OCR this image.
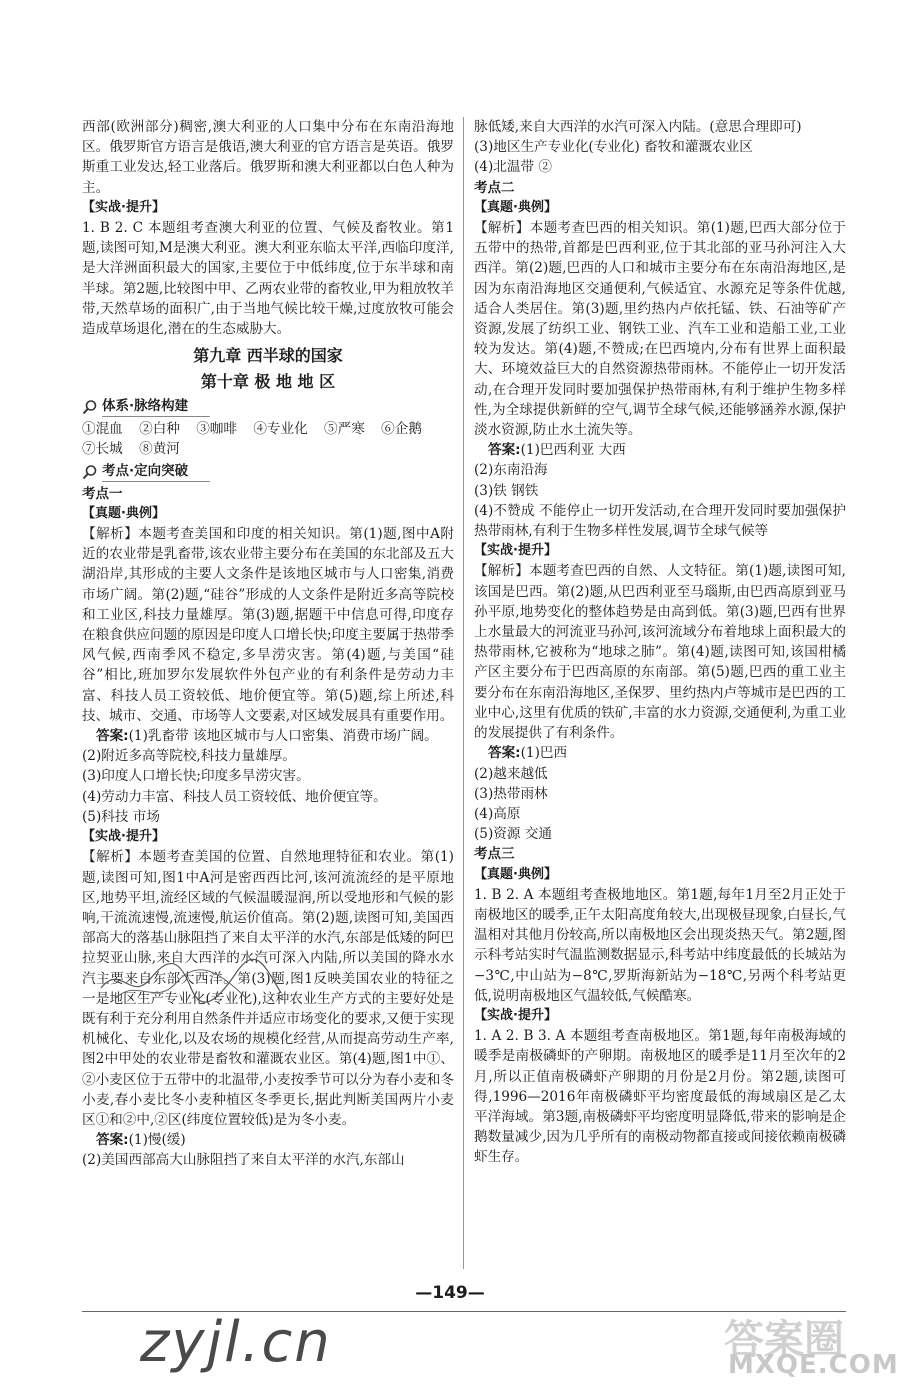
西部(欧洲部分)稠密,澳大利亚的人口集中分布在东南沿海地区。俄罗斯官方语言是俄语,澳大利亚的官方语言是英语。俄罗斯重工业发达,轻工业落后。俄罗斯和澳大利亚都以白色人种为主。

【实战·提升】

1. B 2. C 本题组考查澳大利亚的位置、气候及畜牧业。第1题,读图可知,M是澳大利亚。澳大利亚东临太平洋,西临印度洋,是大洋洲面积最大的国家,主要位于中低纬度,位于东半球和南半球。第2题,比较图中甲、乙两农业带的畜牧业,甲为粗放牧羊带,天然草场的面积广,由于当地气候比较干燥,过度放牧可能会造成草场退化,潜在的生态威胁大。

第九章 西半球的国家

第十章 极 地 地 区

体系·脉络构建
①混血 ②白种 ③咖啡 ④专业化 ⑤严寒 ⑥企鹅
⑦长城 ⑧黄河
考点·定向突破

考点一

【真题·典例】

【解析】本题考查美国和印度的相关知识。第(1)题,图中A附近的农业带是乳畜带,该农业带主要分布在美国的东北部及五大湖沿岸,其形成的主要人文条件是该地区城市与人口密集,消费市场广阔。第(2)题,“硅谷”形成的人文条件是附近多高等院校和工业区,科技力量雄厚。第(3)题,据题干中信息可得,印度存在粮食供应问题的原因是印度人口增长快;印度主要属于热带季风气候,西南季风不稳定,多旱涝灾害。第(4)题,与美国“硅谷”相比,班加罗尔发展软件外包产业的有利条件是劳动力丰富、科技人员工资较低、地价便宜等。第(5)题,综上所述,科技、城市、交通、市场等人文要素,对区域发展具有重要作用。

答案:(1)乳畜带 该地区城市与人口密集、消费市场广阔。

(2)附近多高等院校,科技力量雄厚。

(3)印度人口增长快;印度多旱涝灾害。

(4)劳动力丰富、科技人员工资较低、地价便宜等。

(5)科技 市场

【实战·提升】

【解析】本题考查美国的位置、自然地理特征和农业。第(1)题,读图可知,图1中A河是密西西比河,该河流流经的是平原地区,地势平坦,流经区域的气候温暖湿润,所以受地形和气候的影响,干流流速慢,流速慢,航运价值高。第(2)题,读图可知,美国西部高大的落基山脉阻挡了来自太平洋的水汽,东部是低矮的阿巴拉契亚山脉,来自大西洋的水汽可深入内陆,所以美国的降水水汽主要来自东部大西洋。第(3)题,图1反映美国农业的特征之一是地区生产专业化(专业化),这种农业生产方式的主要好处是既有利于充分利用自然条件并适应市场变化的要求,又便于实现机械化、专业化,以及农场的规模化经营,从而提高劳动生产率,图2中甲处的农业带是畜牧和灌溉农业区。第(4)题,图1中①、②小麦区位于五带中的北温带,小麦按季节可以分为春小麦和冬小麦,春小麦比冬小麦种植区冬季更长,据此判断美国两片小麦区①和②中,②区(纬度位置较低)是为冬小麦。

答案:(1)慢(缓)

(2)美国西部高大山脉阻挡了来自太平洋的水汽,东部山

脉低矮,来自大西洋的水汽可深入内陆。(意思合理即可)

(3)地区生产专业化(专业化) 畜牧和灌溉农业区

(4)北温带 ②

考点二

【真题·典例】

【解析】本题考查巴西的相关知识。第(1)题,巴西大部分位于五带中的热带,首都是巴西利亚,位于其北部的亚马孙河注入大西洋。第(2)题,巴西的人口和城市主要分布在东南沿海地区,是因为东南沿海地区交通便利,气候适宜、水源充足等条件优越,适合人类居住。第(3)题,里约热内卢依托锰、铁、石油等矿产资源,发展了纺织工业、钢铁工业、汽车工业和造船工业,工业较为发达。第(4)题,不赞成;在巴西境内,分布有世界上面积最大、环境效益巨大的自然资源热带雨林。不能停止一切开发活动,在合理开发同时要加强保护热带雨林,有利于维护生物多样性,为全球提供新鲜的空气,调节全球气候,还能够涵养水源,保护淡水资源,防止水土流失等。

答案:(1)巴西利亚 大西

(2)东南沿海

(3)铁 钢铁

(4)不赞成 不能停止一切开发活动,在合理开发同时要加强保护热带雨林,有利于生物多样性发展,调节全球气候等

【实战·提升】

【解析】本题考查巴西的自然、人文特征。第(1)题,读图可知,该国是巴西。第(2)题,从巴西利亚至马瑙斯,由巴西高原到亚马孙平原,地势变化的整体趋势是由高到低。第(3)题,巴西有世界上水量最大的河流亚马孙河,该河流域分布着地球上面积最大的热带雨林,它被称为“地球之肺”。第(4)题,读图可知,该国柑橘产区主要分布于巴西高原的东南部。第(5)题,巴西的重工业主要分布在东南沿海地区,圣保罗、里约热内卢等城市是巴西的工业中心,这里有优质的铁矿,丰富的水力资源,交通便利,为重工业的发展提供了有利条件。

答案:(1)巴西

(2)越来越低

(3)热带雨林

(4)高原

(5)资源 交通

考点三

【真题·典例】

1. B 2. A 本题组考查极地地区。第1题,每年1月至2月正处于南极地区的暖季,正午太阳高度角较大,出现极昼现象,白昼长,气温相对其他月份较高,所以南极地区会出现炎热天气。第2题,图示科考站实时气温监测数据显示,科考站中纬度最低的长城站为−3℃,中山站为−8℃,罗斯海新站为−18℃,另两个科考站更低,说明南极地区气温较低,气候酷寒。

【实战·提升】

1. A 2. B 3. A 本题组考查南极地区。第1题,每年南极海域的暖季是南极磷虾的产卵期。南极地区的暖季是11月至次年的2月,所以正值南极磷虾产卵期的月份是2月份。第2题,读图可得,1996—2016年南极磷虾平均密度最低的海域扇区是乙太平洋海域。第3题,南极磷虾平均密度明显降低,带来的影响是企鹅数量减少,因为几乎所有的南极动物都直接或间接依赖南极磷虾生存。

—149—
zyjl.cn	答案圈
MXQE.COM
